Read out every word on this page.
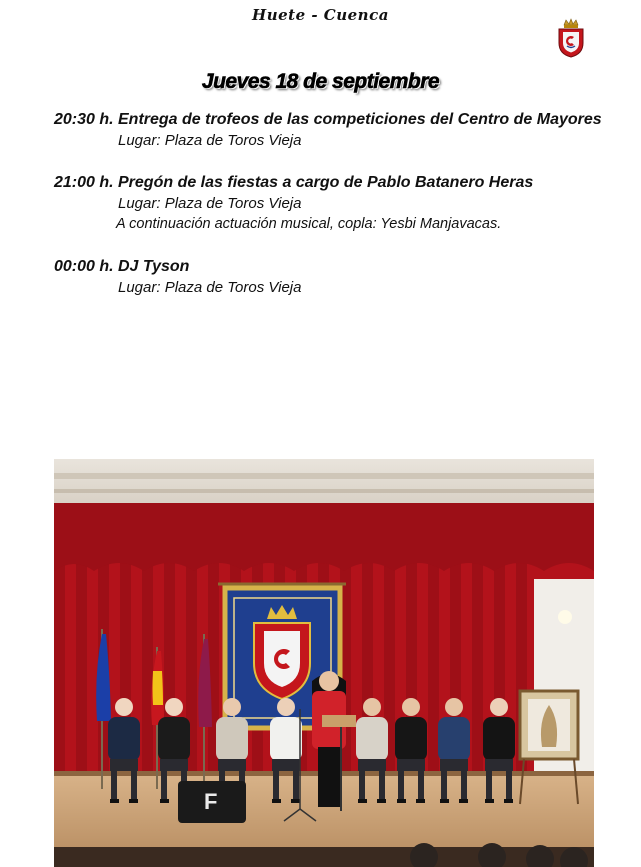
Huete - Cuenca
Jueves 18 de septiembre
20:30 h. Entrega de trofeos de las competiciones del Centro de Mayores
Lugar: Plaza de Toros Vieja
21:00 h. Pregón de las fiestas a cargo de Pablo Batanero Heras
Lugar: Plaza de Toros Vieja
A continuación actuación musical, copla: Yesbi Manjavacas.
00:00 h. DJ Tyson
Lugar: Plaza de Toros Vieja
F
